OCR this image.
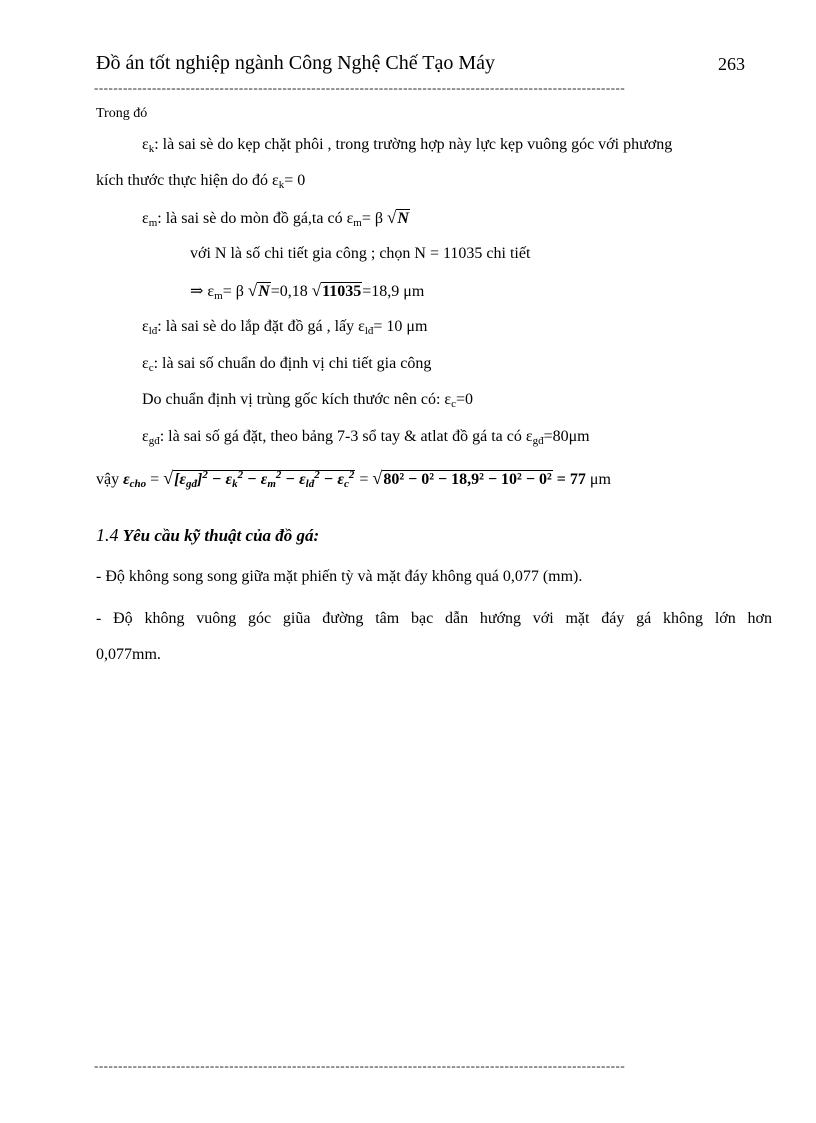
Đồ án tốt nghiệp ngành Công Nghệ Chế Tạo Máy	263
--------------------------------------------------------------------------------------------------------------
Trong đó
$\varepsilon_k$: là sai sè do kẹp chặt phôi , trong trường hợp này lực kẹp vuông góc với phương
kích thước thực hiện do đó $\varepsilon_k= 0$
$\varepsilon_m$: là sai sè do mòn đồ gá,ta có $\varepsilon_m= \beta$ √N
với N là số chi tiết gia công ; chọn N = 11035 chi tiết
⇒ $\varepsilon_m= \beta$ √N=0,18 √11035=18,9 μm
$\varepsilon_{lđ}$: là sai sè do lắp đặt đồ gá , lấy $\varepsilon_{lđ}= 10$ μm
$\varepsilon_c$: là sai số chuẩn do định vị chi tiết gia công
Do chuẩn định vị trùng gốc kích thước nên có: $\varepsilon_c=0$
$\varepsilon_{gđ}$: là sai số gá đặt, theo bảng 7-3 sổ tay & atlat đồ gá ta có $\varepsilon_{gđ}=80\mu m$
vậy $\varepsilon_{cho} = √[\varepsilon_{gđ}]^2 - \varepsilon_k^2 - \varepsilon_m^2 - \varepsilon_{lđ}^2 - \varepsilon_c^2 = √80^2 - 0^2 - 18,9^2 - 10^2 - 0^2 = 77$ μm
1.4 Yêu cầu kỹ thuật của đồ gá:
- Độ không song song giữa mặt phiến tỳ và mặt đáy không quá 0,077 (mm).
- Độ không vuông góc giũa đường tâm bạc dẫn hướng với mặt đáy gá không lớn hơn
0,077mm.
--------------------------------------------------------------------------------------------------------------
